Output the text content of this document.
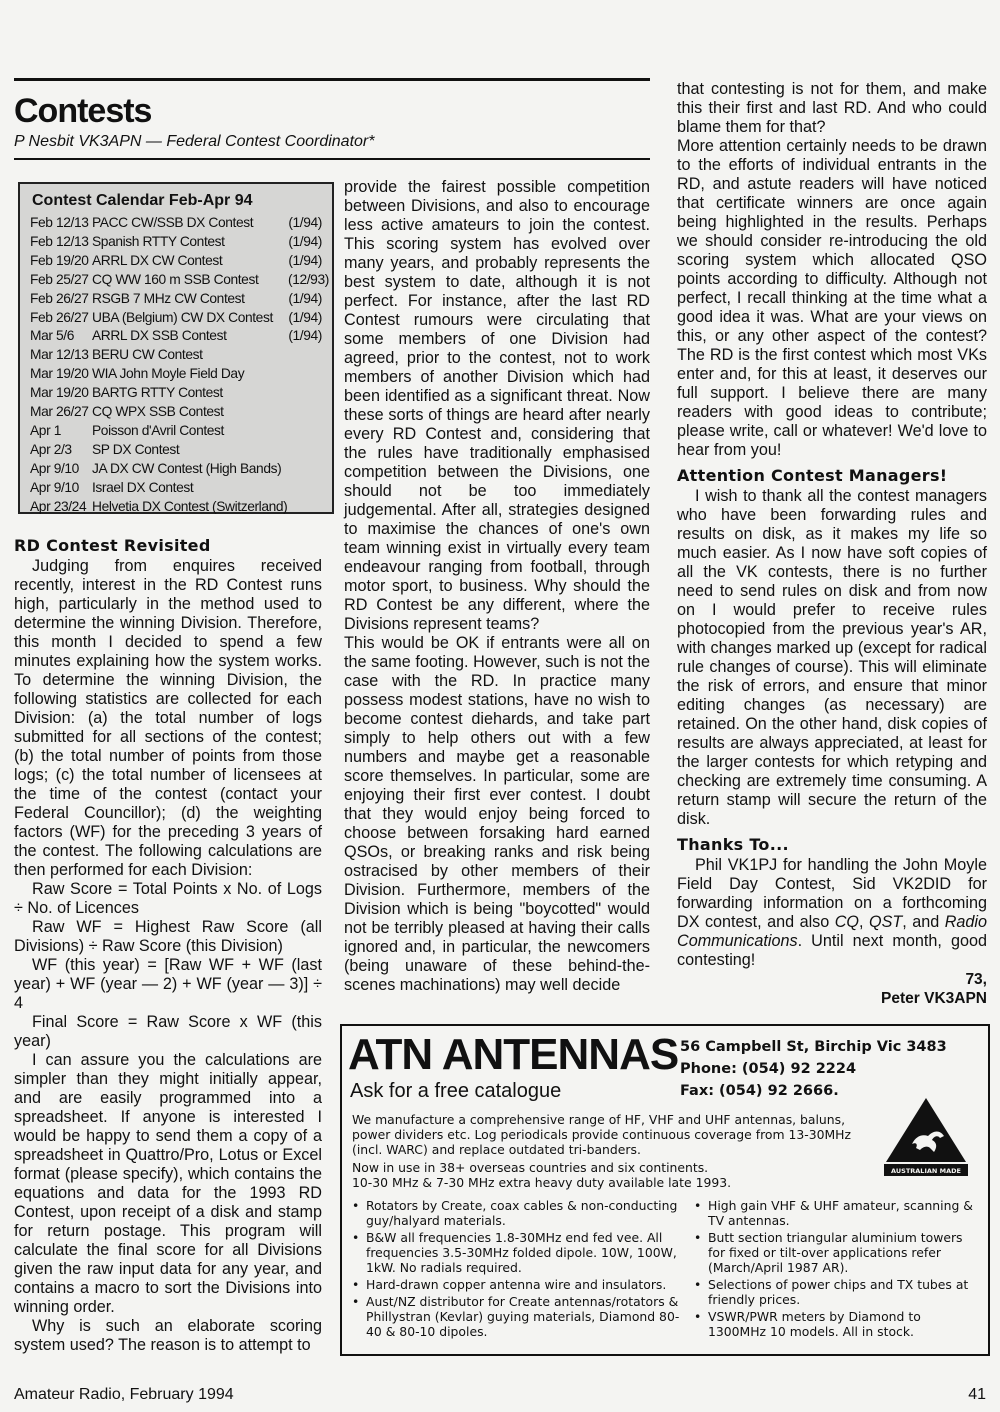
Contests
P Nesbit VK3APN — Federal Contest Coordinator*
Contest Calendar Feb-Apr 94
Feb 12/13 PACC CW/SSB DX Contest	(1/94)
Feb 12/13 Spanish RTTY Contest	(1/94)
Feb 19/20 ARRL DX CW Contest	(1/94)
Feb 25/27 CQ WW 160 m SSB Contest	(12/93)
Feb 26/27 RSGB 7 MHz CW Contest	(1/94)
Feb 26/27 UBA (Belgium) CW DX Contest	(1/94)
Mar 5/6	ARRL DX SSB Contest	(1/94)
Mar 12/13 BERU CW Contest
Mar 19/20 WIA John Moyle Field Day
Mar 19/20 BARTG RTTY Contest
Mar 26/27 CQ WPX SSB Contest
Apr 1	Poisson d'Avril Contest
Apr 2/3	SP DX Contest
Apr 9/10 JA DX CW Contest (High Bands)
Apr 9/10 Israel DX Contest
Apr 23/24 Helvetia DX Contest (Switzerland)
RD Contest Revisited

Judging from enquires received recently, interest in the RD Contest runs high, particularly in the method used to determine the winning Division. Therefore, this month I decided to spend a few minutes explaining how the system works. To determine the winning Division, the following statistics are collected for each Division: (a) the total number of logs submitted for all sections of the contest; (b) the total number of points from those logs; (c) the total number of licensees at the time of the contest (contact your Federal Councillor); (d) the weighting factors (WF) for the preceding 3 years of the contest. The following calculations are then performed for each Division:

Raw Score = Total Points x No. of Logs ÷ No. of Licences

Raw WF = Highest Raw Score (all Divisions) ÷ Raw Score (this Division)

WF (this year) = [Raw WF + WF (last year) + WF (year — 2) + WF (year — 3)] ÷ 4

Final Score = Raw Score x WF (this year)

I can assure you the calculations are simpler than they might initially appear, and are easily programmed into a spreadsheet. If anyone is interested I would be happy to send them a copy of a spreadsheet in Quattro/Pro, Lotus or Excel format (please specify), which contains the equations and data for the 1993 RD Contest, upon receipt of a disk and stamp for return postage. This program will calculate the final score for all Divisions given the raw input data for any year, and contains a macro to sort the Divisions into winning order.

Why is such an elaborate scoring system used? The reason is to attempt to

provide the fairest possible competition between Divisions, and also to encourage less active amateurs to join the contest. This scoring system has evolved over many years, and probably represents the best system to date, although it is not perfect. For instance, after the last RD Contest rumours were circulating that some members of one Division had agreed, prior to the contest, not to work members of another Division which had been identified as a significant threat. Now these sorts of things are heard after nearly every RD Contest and, considering that the rules have traditionally emphasised competition between the Divisions, one should not be too immediately judgemental. After all, strategies designed to maximise the chances of one's own team winning exist in virtually every team endeavour ranging from football, through motor sport, to business. Why should the RD Contest be any different, where the Divisions represent teams?

This would be OK if entrants were all on the same footing. However, such is not the case with the RD. In practice many possess modest stations, have no wish to become contest diehards, and take part simply to help others out with a few numbers and maybe get a reasonable score themselves. In particular, some are enjoying their first ever contest. I doubt that they would enjoy being forced to choose between forsaking hard earned QSOs, or breaking ranks and risk being ostracised by other members of their Division. Furthermore, members of the Division which is being "boycotted" would not be terribly pleased at having their calls ignored and, in particular, the newcomers (being unaware of these behind-the-scenes machinations) may well decide

that contesting is not for them, and make this their first and last RD. And who could blame them for that?

More attention certainly needs to be drawn to the efforts of individual entrants in the RD, and astute readers will have noticed that certificate winners are once again being highlighted in the results. Perhaps we should consider re-introducing the old scoring system which allocated QSO points according to difficulty. Although not perfect, I recall thinking at the time what a good idea it was. What are your views on this, or any other aspect of the contest? The RD is the first contest which most VKs enter and, for this at least, it deserves our full support. I believe there are many readers with good ideas to contribute; please write, call or whatever! We'd love to hear from you!

Attention Contest Managers!

I wish to thank all the contest managers who have been forwarding rules and results on disk, as it makes my life so much easier. As I now have soft copies of all the VK contests, there is no further need to send rules on disk and from now on I would prefer to receive rules photocopied from the previous year's AR, with changes marked up (except for radical rule changes of course). This will eliminate the risk of errors, and ensure that minor editing changes (as necessary) are retained. On the other hand, disk copies of results are always appreciated, at least for the larger contests for which retyping and checking are extremely time consuming. A return stamp will secure the return of the disk.

Thanks To...

Phil VK1PJ for handling the John Moyle Field Day Contest, Sid VK2DID for forwarding information on a forthcoming DX contest, and also CQ, QST, and Radio Communications. Until next month, good contesting!

73,
Peter VK3APN
ATN ANTENNAS
Ask for a free catalogue
56 Campbell St, Birchip Vic 3483
Phone: (054) 92 2224
Fax: (054) 92 2666.

We manufacture a comprehensive range of HF, VHF and UHF antennas, baluns, power dividers etc. Log periodicals provide continuous coverage from 13-30MHz (incl. WARC) and replace outdated tri-banders.

Now in use in 38+ overseas countries and six continents.

10-30 MHz & 7-30 MHz extra heavy duty available late 1993.

AUSTRALIAN MADE
• Rotators by Create, coax cables & non-conducting guy/halyard materials.
• B&W all frequencies 1.8-30MHz end fed vee. All frequencies 3.5-30MHz folded dipole. 10W, 100W, 1kW. No radials required.
• Hard-drawn copper antenna wire and insulators.
• Aust/NZ distributor for Create antennas/rotators & Phillystran (Kevlar) guying materials, Diamond 80-40 & 80-10 dipoles.
• High gain VHF & UHF amateur, scanning & TV antennas.
• Butt section triangular aluminium towers for fixed or tilt-over applications refer (March/April 1987 AR).
• Selections of power chips and TX tubes at friendly prices.
• VSWR/PWR meters by Diamond to 1300MHz 10 models. All in stock.
Amateur Radio, February 1994	41
